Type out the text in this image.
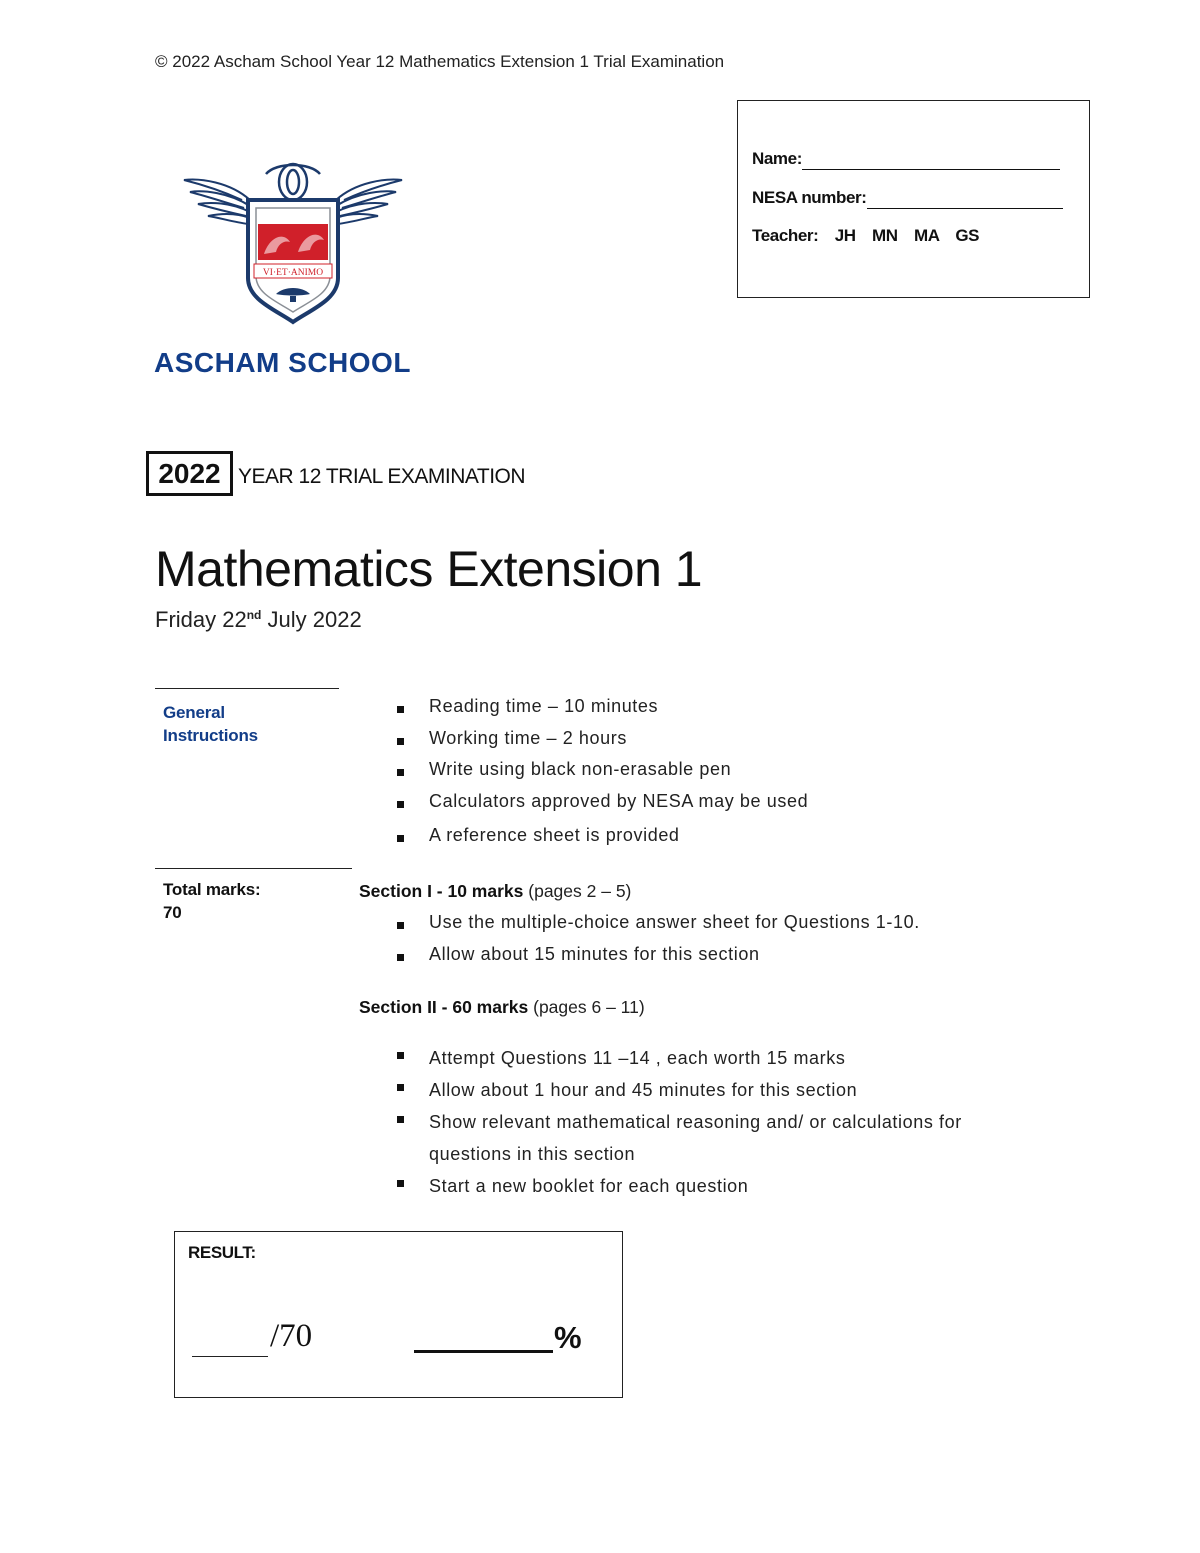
© 2022 Ascham School Year 12 Mathematics Extension 1 Trial Examination
Name:
NESA number:
Teacher: JH MN MA GS
VI·ET·ANIMO
ASCHAM SCHOOL
2022 YEAR 12 TRIAL EXAMINATION
Mathematics Extension 1
Friday 22nd July 2022
General
Instructions
Reading time – 10 minutes
Working time – 2 hours
Write using black non-erasable pen
Calculators approved by NESA may be used
A reference sheet is provided
Total marks:
70
Section I - 10 marks (pages 2 – 5)
Use the multiple-choice answer sheet for Questions 1-10.
Allow about 15 minutes for this section
Section II - 60 marks (pages 6 – 11)
Attempt Questions 11 –14 , each worth 15 marks
Allow about 1 hour and 45 minutes for this section
Show relevant mathematical reasoning and/ or calculations for questions in this section
Start a new booklet for each question
RESULT:
/70	%
